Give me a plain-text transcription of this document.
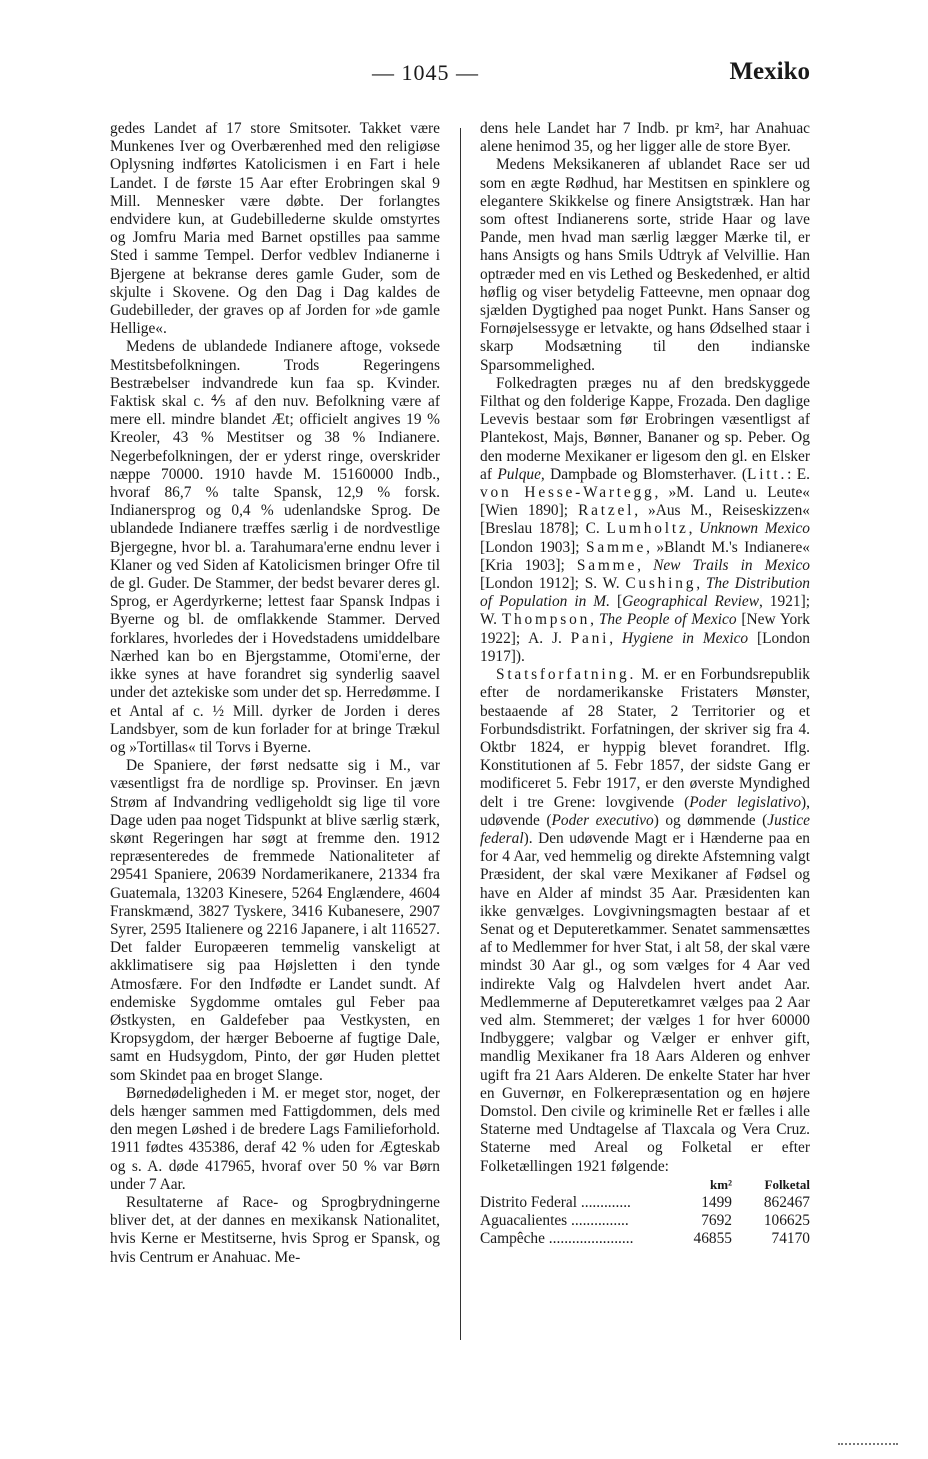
— 1045 —	Mexiko

gedes Landet af 17 store Smitsoter. Takket være Munkenes Iver og Overbærenhed med den religiøse Oplysning indførtes Katolicismen i en Fart i hele Landet. I de første 15 Aar efter Erobringen skal 9 Mill. Mennesker være døbte. Der forlangtes endvidere kun, at Gudebillederne skulde omstyrtes og Jomfru Maria med Barnet opstilles paa samme Sted i samme Tempel. Derfor vedblev Indianerne i Bjergene at bekranse deres gamle Guder, som de skjulte i Skovene. Og den Dag i Dag kaldes de Gudebilleder, der graves op af Jorden for »de gamle Hellige«.

Medens de ublandede Indianere aftoge, voksede Mestitsbefolkningen. Trods Regeringens Bestræbelser indvandrede kun faa sp. Kvinder. Faktisk skal c. ⅘ af den nuv. Befolkning være af mere ell. mindre blandet Æt; officielt angives 19 % Kreoler, 43 % Mestitser og 38 % Indianere. Negerbefolkningen, der er yderst ringe, overskrider næppe 70000. 1910 havde M. 15160000 Indb., hvoraf 86,7 % talte Spansk, 12,9 % forsk. Indianersprog og 0,4 % udenlandske Sprog. De ublandede Indianere træffes særlig i de nordvestlige Bjergegne, hvor bl. a. Tarahumara'erne endnu lever i Klaner og ved Siden af Katolicismen bringer Ofre til de gl. Guder. De Stammer, der bedst bevarer deres gl. Sprog, er Agerdyrkerne; lettest faar Spansk Indpas i Byerne og bl. de omflakkende Stammer. Derved forklares, hvorledes der i Hovedstadens umiddelbare Nærhed kan bo en Bjergstamme, Otomi'erne, der ikke synes at have forandret sig synderlig saavel under det aztekiske som under det sp. Herredømme. I et Antal af c. ½ Mill. dyrker de Jorden i deres Landsbyer, som de kun forlader for at bringe Trækul og »Tortillas« til Torvs i Byerne.

De Spaniere, der først nedsatte sig i M., var væsentligst fra de nordlige sp. Provinser. En jævn Strøm af Indvandring vedligeholdt sig lige til vore Dage uden paa noget Tidspunkt at blive særlig stærk, skønt Regeringen har søgt at fremme den. 1912 repræsenteredes de fremmede Nationaliteter af 29541 Spaniere, 20639 Nordamerikanere, 21334 fra Guatemala, 13203 Kinesere, 5264 Englændere, 4604 Franskmænd, 3827 Tyskere, 3416 Kubanesere, 2907 Syrer, 2595 Italienere og 2216 Japanere, i alt 116527. Det falder Europæeren temmelig vanskeligt at akklimatisere sig paa Højsletten i den tynde Atmosfære. For den Indfødte er Landet sundt. Af endemiske Sygdomme omtales gul Feber paa Østkysten, en Galdefeber paa Vestkysten, en Kropsygdom, der hærger Beboerne af fugtige Dale, samt en Hudsygdom, Pinto, der gør Huden plettet som Skindet paa en broget Slange.

Børnedødeligheden i M. er meget stor, noget, der dels hænger sammen med Fattigdommen, dels med den megen Løshed i de bredere Lags Familieforhold. 1911 fødtes 435386, deraf 42 % uden for Ægteskab og s. A. døde 417965, hvoraf over 50 % var Børn under 7 Aar.

Resultaterne af Race- og Sprogbrydningerne bliver det, at der dannes en mexikansk Nationalitet, hvis Kerne er Mestitserne, hvis Sprog er Spansk, og hvis Centrum er Anahuac. Me-

dens hele Landet har 7 Indb. pr km², har Anahuac alene henimod 35, og her ligger alle de store Byer.

Medens Meksikaneren af ublandet Race ser ud som en ægte Rødhud, har Mestitsen en spinklere og elegantere Skikkelse og finere Ansigtstræk. Han har som oftest Indianerens sorte, stride Haar og lave Pande, men hvad man særlig lægger Mærke til, er hans Ansigts og hans Smils Udtryk af Velvillie. Han optræder med en vis Lethed og Beskedenhed, er altid høflig og viser betydelig Fatteevne, men opnaar dog sjælden Dygtighed paa noget Punkt. Hans Sanser og Fornøjelsessyge er letvakte, og hans Ødselhed staar i skarp Modsætning til den indianske Sparsommelighed.

Folkedragten præges nu af den bredskyggede Filthat og den folderige Kappe, Frozada. Den daglige Levevis bestaar som før Erobringen væsentligst af Plantekost, Majs, Bønner, Bananer og sp. Peber. Og den moderne Mexikaner er ligesom den gl. en Elsker af Pulque, Dampbade og Blomsterhaver. (Litt.: E. von Hesse-Wartegg, »M. Land u. Leute« [Wien 1890]; Ratzel, »Aus M., Reiseskizzen« [Breslau 1878]; C. Lumholtz, Unknown Mexico [London 1903]; Samme, »Blandt M.'s Indianere« [Kria 1903]; Samme, New Trails in Mexico [London 1912]; S. W. Cushing, The Distribution of Population in M. [Geographical Review, 1921]; W. Thompson, The People of Mexico [New York 1922]; A. J. Pani, Hygiene in Mexico [London 1917]).

Statsforfatning. M. er en Forbundsrepublik efter de nordamerikanske Fristaters Mønster, bestaaende af 28 Stater, 2 Territorier og et Forbundsdistrikt. Forfatningen, der skriver sig fra 4. Oktbr 1824, er hyppig blevet forandret. Iflg. Konstitutionen af 5. Febr 1857, der sidste Gang er modificeret 5. Febr 1917, er den øverste Myndighed delt i tre Grene: lovgivende (Poder legislativo), udøvende (Poder executivo) og dømmende (Justice federal). Den udøvende Magt er i Hænderne paa en for 4 Aar, ved hemmelig og direkte Afstemning valgt Præsident, der skal være Mexikaner af Fødsel og have en Alder af mindst 35 Aar. Præsidenten kan ikke genvælges. Lovgivningsmagten bestaar af et Senat og et Deputeretkammer. Senatet sammensættes af to Medlemmer for hver Stat, i alt 58, der skal være mindst 30 Aar gl., og som vælges for 4 Aar ved indirekte Valg og Halvdelen hvert andet Aar. Medlemmerne af Deputeretkamret vælges paa 2 Aar ved alm. Stemmeret; der vælges 1 for hver 60000 Indbyggere; valgbar og Vælger er enhver gift, mandlig Mexikaner fra 18 Aars Alderen og enhver ugift fra 21 Aars Alderen. De enkelte Stater har hver en Guvernør, en Folkerepræsentation og en højere Domstol. Den civile og kriminelle Ret er fælles i alle Staterne med Undtagelse af Tlaxcala og Vera Cruz. Staterne med Areal og Folketal er efter Folketællingen 1921 følgende:

	km²	Folketal
Distrito Federal .............	1499	862467
Aguacalientes ...............	7692	106625
Campêche ......................	46855	74170
